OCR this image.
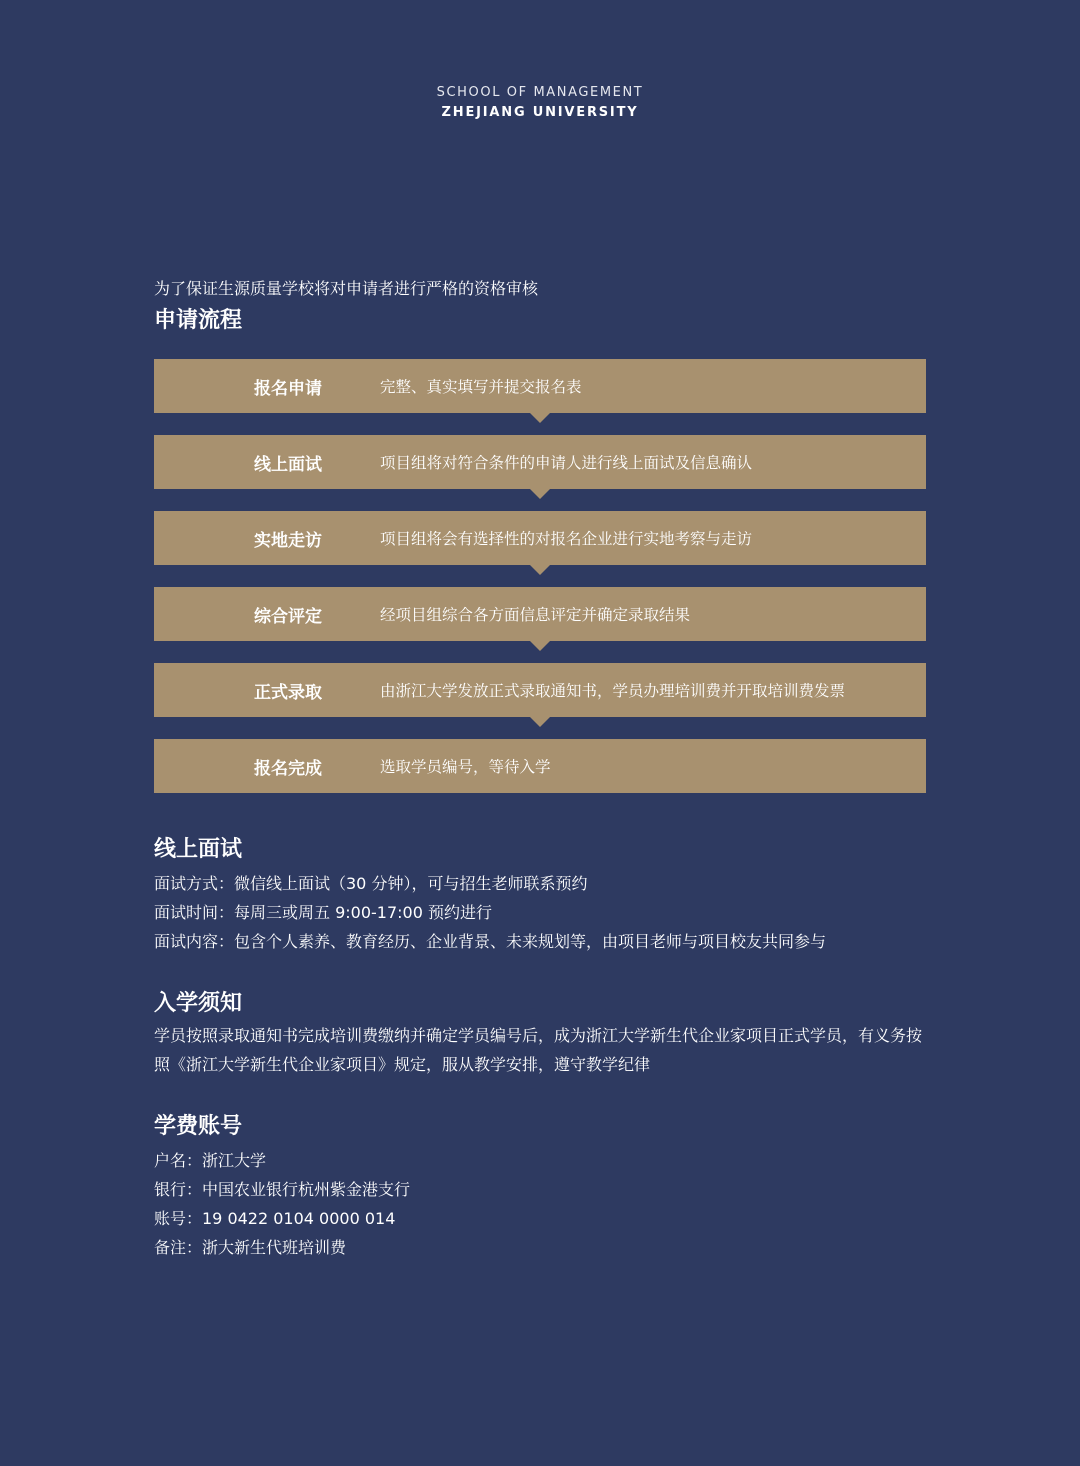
SCHOOL OF MANAGEMENT
ZHEJIANG UNIVERSITY

为了保证生源质量学校将对申请者进行严格的资格审核

申请流程
报名申请	完整、真实填写并提交报名表
线上面试	项目组将对符合条件的申请人进行线上面试及信息确认
实地走访	项目组将会有选择性的对报名企业进行实地考察与走访
综合评定	经项目组综合各方面信息评定并确定录取结果
正式录取	由浙江大学发放正式录取通知书，学员办理培训费并开取培训费发票
报名完成	选取学员编号，等待入学
线上面试

面试方式：微信线上面试（30 分钟），可与招生老师联系预约

面试时间：每周三或周五 9:00-17:00 预约进行

面试内容：包含个人素养、教育经历、企业背景、未来规划等，由项目老师与项目校友共同参与

入学须知

学员按照录取通知书完成培训费缴纳并确定学员编号后，成为浙江大学新生代企业家项目正式学员，有义务按照《浙江大学新生代企业家项目》规定，服从教学安排，遵守教学纪律

学费账号

户名：浙江大学

银行：中国农业银行杭州紫金港支行

账号：19 0422 0104 0000 014

备注：浙大新生代班培训费
